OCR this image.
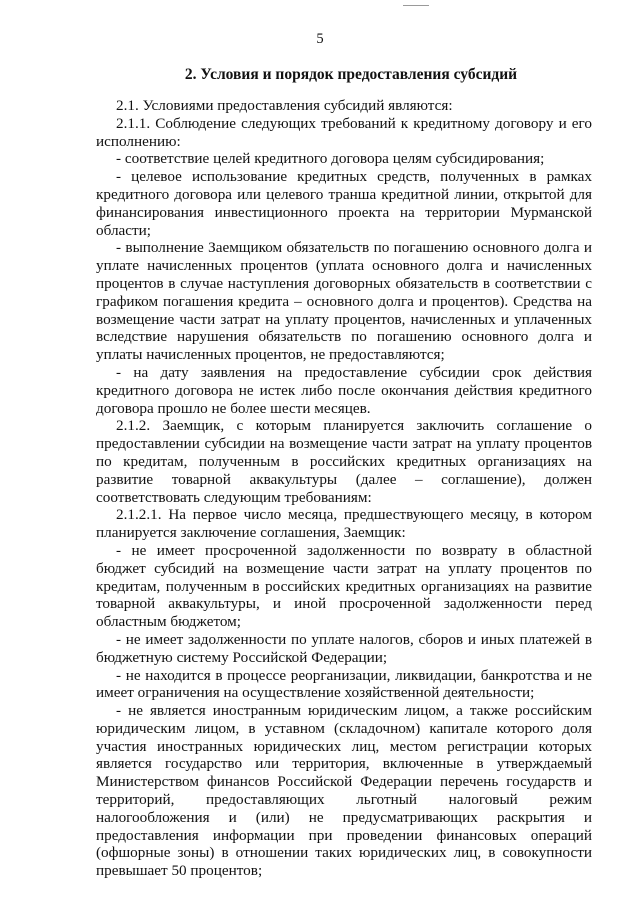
5
2. Условия и порядок предоставления субсидий

2.1. Условиями предоставления субсидий являются:

2.1.1. Соблюдение следующих требований к кредитному договору и его исполнению:

- соответствие целей кредитного договора целям субсидирования;

- целевое использование кредитных средств, полученных в рамках кредитного договора или целевого транша кредитной линии, открытой для финансирования инвестиционного проекта на территории Мурманской области;

- выполнение Заемщиком обязательств по погашению основного долга и уплате начисленных процентов (уплата основного долга и начисленных процентов в случае наступления договорных обязательств в соответствии с графиком погашения кредита – основного долга и процентов). Средства на возмещение части затрат на уплату процентов, начисленных и уплаченных вследствие нарушения обязательств по погашению основного долга и уплаты начисленных процентов, не предоставляются;

- на дату заявления на предоставление субсидии срок действия кредитного договора не истек либо после окончания действия кредитного договора прошло не более шести месяцев.

2.1.2. Заемщик, с которым планируется заключить соглашение о предоставлении субсидии на возмещение части затрат на уплату процентов по кредитам, полученным в российских кредитных организациях на развитие товарной аквакультуры (далее – соглашение), должен соответствовать следующим требованиям:

2.1.2.1. На первое число месяца, предшествующего месяцу, в котором планируется заключение соглашения, Заемщик:

- не имеет просроченной задолженности по возврату в областной бюджет субсидий на возмещение части затрат на уплату процентов по кредитам, полученным в российских кредитных организациях на развитие товарной аквакультуры, и иной просроченной задолженности перед областным бюджетом;

- не имеет задолженности по уплате налогов, сборов и иных платежей в бюджетную систему Российской Федерации;

- не находится в процессе реорганизации, ликвидации, банкротства и не имеет ограничения на осуществление хозяйственной деятельности;

- не является иностранным юридическим лицом, а также российским юридическим лицом, в уставном (складочном) капитале которого доля участия иностранных юридических лиц, местом регистрации которых является государство или территория, включенные в утверждаемый Министерством финансов Российской Федерации перечень государств и территорий, предоставляющих льготный налоговый режим налогообложения и (или) не предусматривающих раскрытия и предоставления информации при проведении финансовых операций (офшорные зоны) в отношении таких юридических лиц, в совокупности превышает 50 процентов;
